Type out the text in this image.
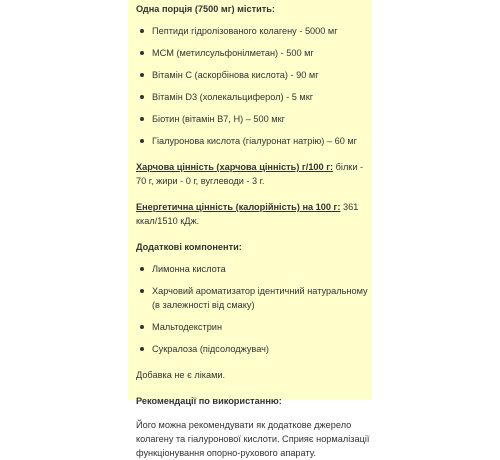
Одна порція (7500 мг) містить:

Пептиди гідролізованого колагену - 5000 мг
MCM (метилсульфонілметан) - 500 мг
Вітамін C (аскорбінова кислота) - 90 мг
Вітамін D3 (холекальциферол) - 5 мкг
Біотин (вітамін B7, H) – 500 мкг
Гіалуронова кислота (гіалуронат натрію) – 60 мг

Харчова цінність (харчова цінність) г/100 г: білки - 70 г, жири - 0 г, вуглеводи - 3 г.

Енергетична цінність (калорійність) на 100 г: 361 ккал/1510 кДж.

Додаткові компоненти:

Лимонна кислота
Харчовий ароматизатор ідентичний натуральному (в залежності від смаку)
Мальтодекстрин
Сукралоза (підсолоджувач)

Добавка не є ліками.

Рекомендації по використанню:

Його можна рекомендувати як додаткове джерело колагену та гіалуронової кислоти. Сприяє нормалізації функціонування опорно-рухового апарату.
